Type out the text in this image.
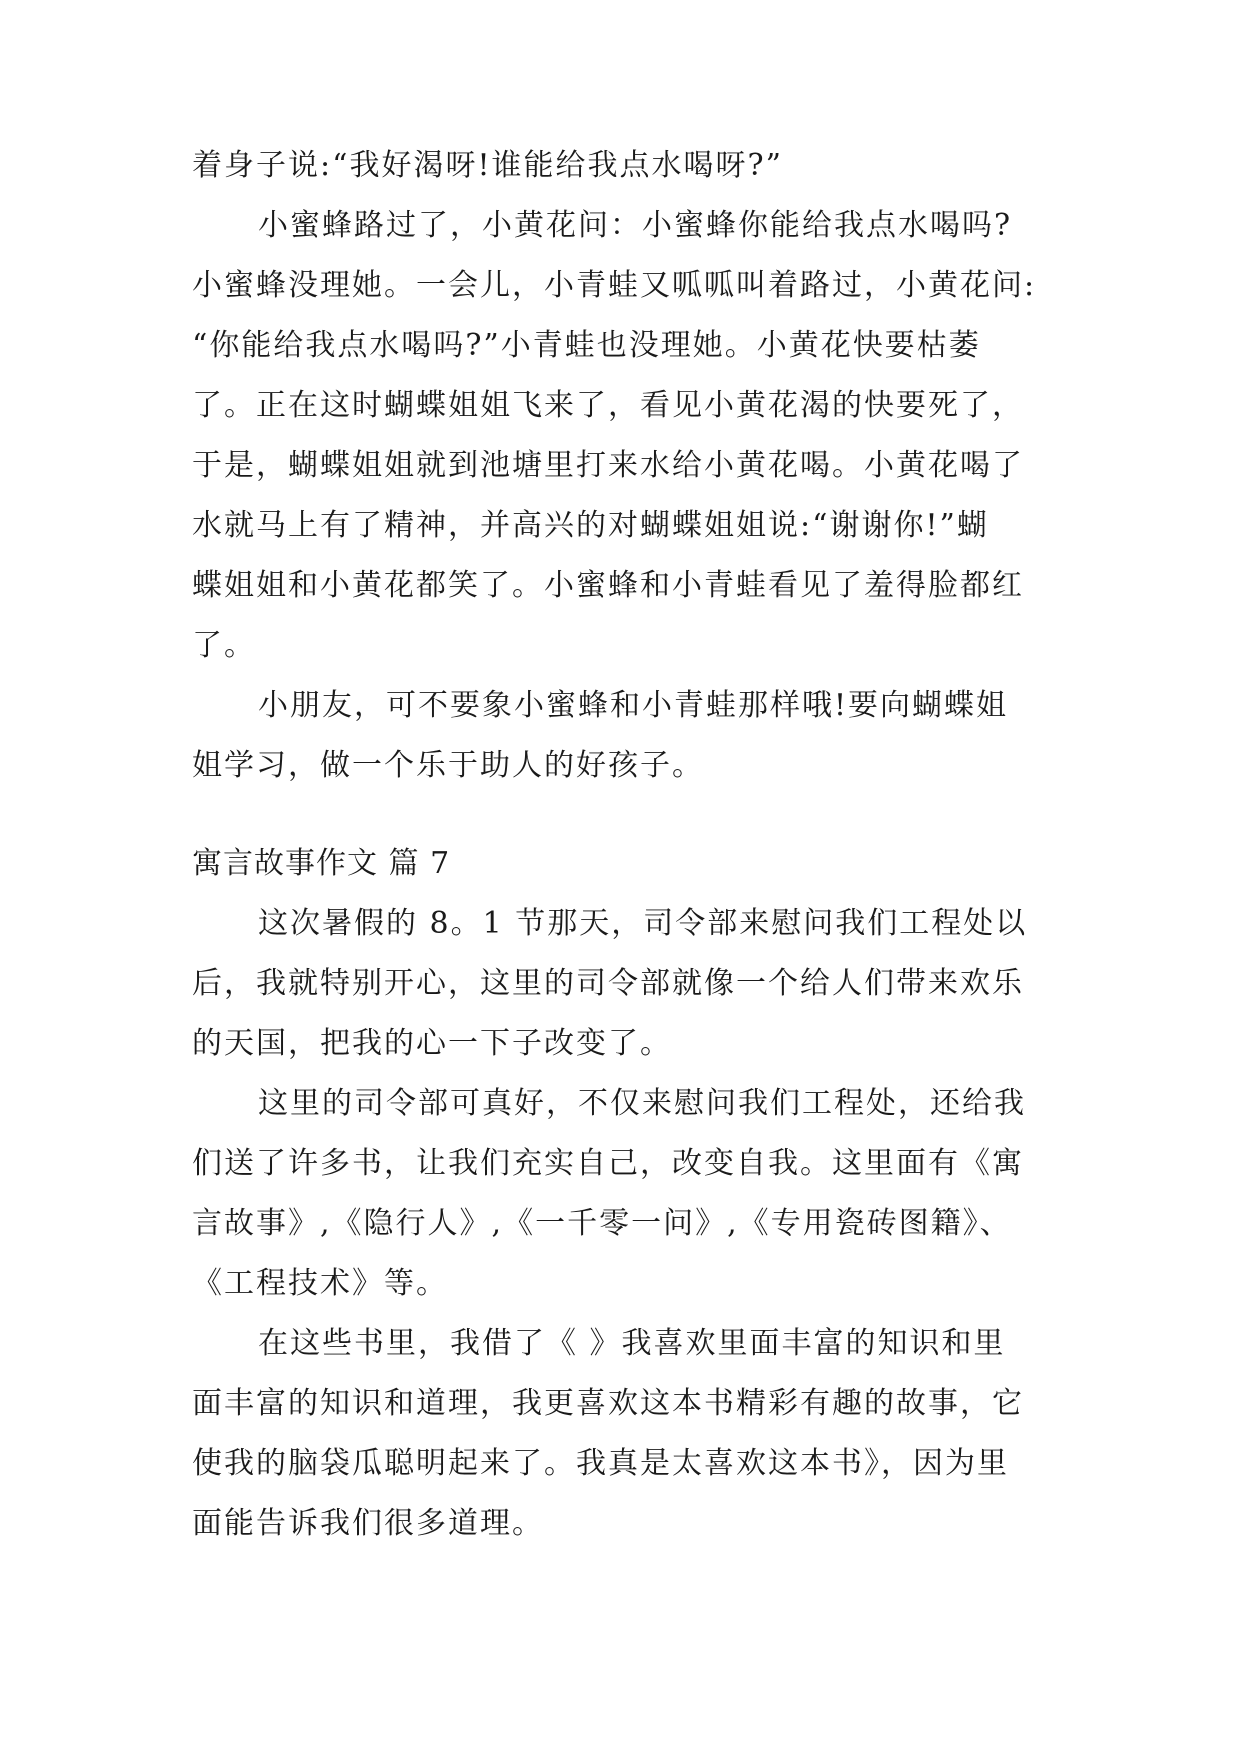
着身子说:“我好渴呀!谁能给我点水喝呀?”
小蜜蜂路过了，小黄花问：小蜜蜂你能给我点水喝吗?
小蜜蜂没理她。一会儿，小青蛙又呱呱叫着路过，小黄花问:
“你能给我点水喝吗?”小青蛙也没理她。小黄花快要枯萎
了。正在这时蝴蝶姐姐飞来了，看见小黄花渴的快要死了，
于是，蝴蝶姐姐就到池塘里打来水给小黄花喝。小黄花喝了
水就马上有了精神，并高兴的对蝴蝶姐姐说:“谢谢你!”蝴
蝶姐姐和小黄花都笑了。小蜜蜂和小青蛙看见了羞得脸都红
了。
小朋友，可不要象小蜜蜂和小青蛙那样哦!要向蝴蝶姐
姐学习，做一个乐于助人的好孩子。
寓言故事作文 篇 7
这次暑假的 8。1 节那天，司令部来慰问我们工程处以
后，我就特别开心，这里的司令部就像一个给人们带来欢乐
的天国，把我的心一下子改变了。
这里的司令部可真好，不仅来慰问我们工程处，还给我
们送了许多书，让我们充实自己，改变自我。这里面有《寓
言故事》,《隐行人》,《一千零一问》,《专用瓷砖图籍》、
《工程技术》等。
在这些书里，我借了《 》我喜欢里面丰富的知识和里
面丰富的知识和道理，我更喜欢这本书精彩有趣的故事，它
使我的脑袋瓜聪明起来了。我真是太喜欢这本书》，因为里
面能告诉我们很多道理。
